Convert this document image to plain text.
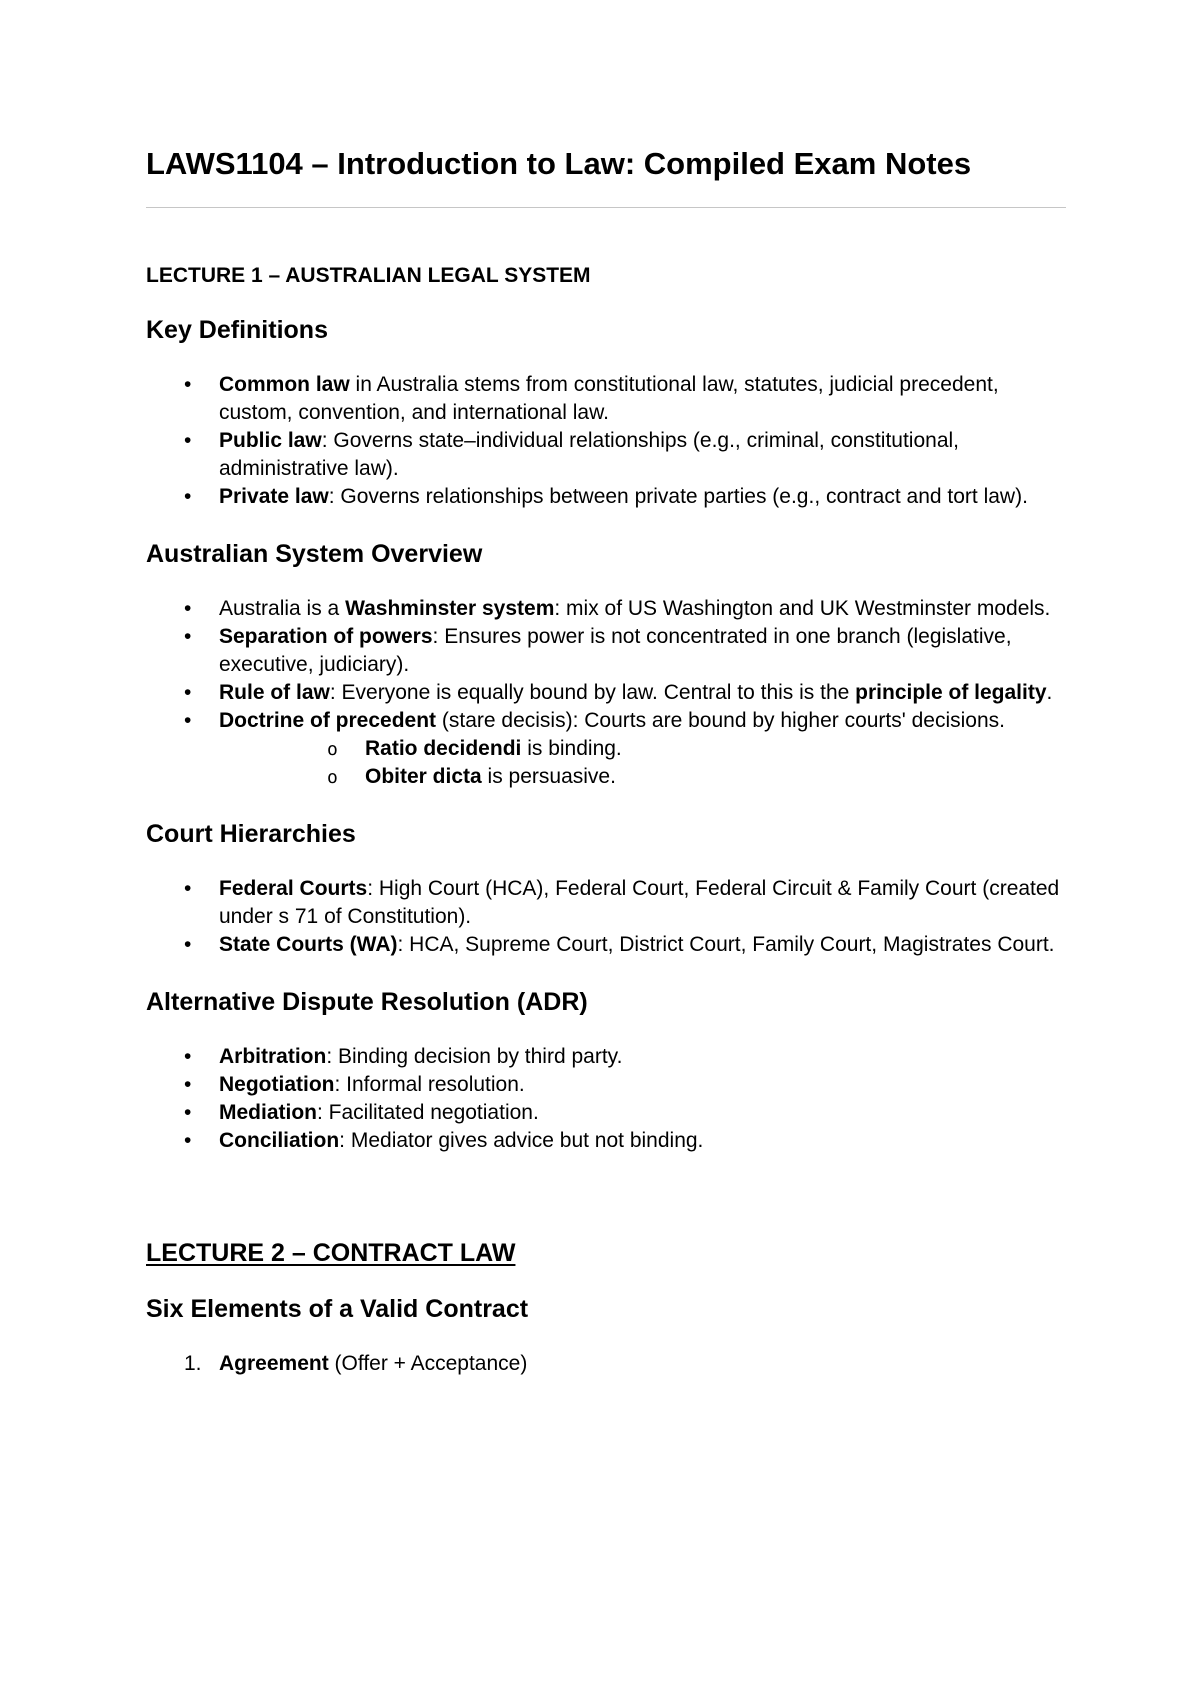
LAWS1104 – Introduction to Law: Compiled Exam Notes
LECTURE 1 – AUSTRALIAN LEGAL SYSTEM
Key Definitions
• Common law in Australia stems from constitutional law, statutes, judicial precedent, custom, convention, and international law.
• Public law: Governs state–individual relationships (e.g., criminal, constitutional, administrative law).
• Private law: Governs relationships between private parties (e.g., contract and tort law).
Australian System Overview
• Australia is a Washminster system: mix of US Washington and UK Westminster models.
• Separation of powers: Ensures power is not concentrated in one branch (legislative, executive, judiciary).
• Rule of law: Everyone is equally bound by law. Central to this is the principle of legality.
• Doctrine of precedent (stare decisis): Courts are bound by higher courts' decisions.
o Ratio decidendi is binding.
o Obiter dicta is persuasive.
Court Hierarchies
• Federal Courts: High Court (HCA), Federal Court, Federal Circuit & Family Court (created under s 71 of Constitution).
• State Courts (WA): HCA, Supreme Court, District Court, Family Court, Magistrates Court.
Alternative Dispute Resolution (ADR)
• Arbitration: Binding decision by third party.
• Negotiation: Informal resolution.
• Mediation: Facilitated negotiation.
• Conciliation: Mediator gives advice but not binding.
LECTURE 2 – CONTRACT LAW
Six Elements of a Valid Contract
1. Agreement (Offer + Acceptance)
